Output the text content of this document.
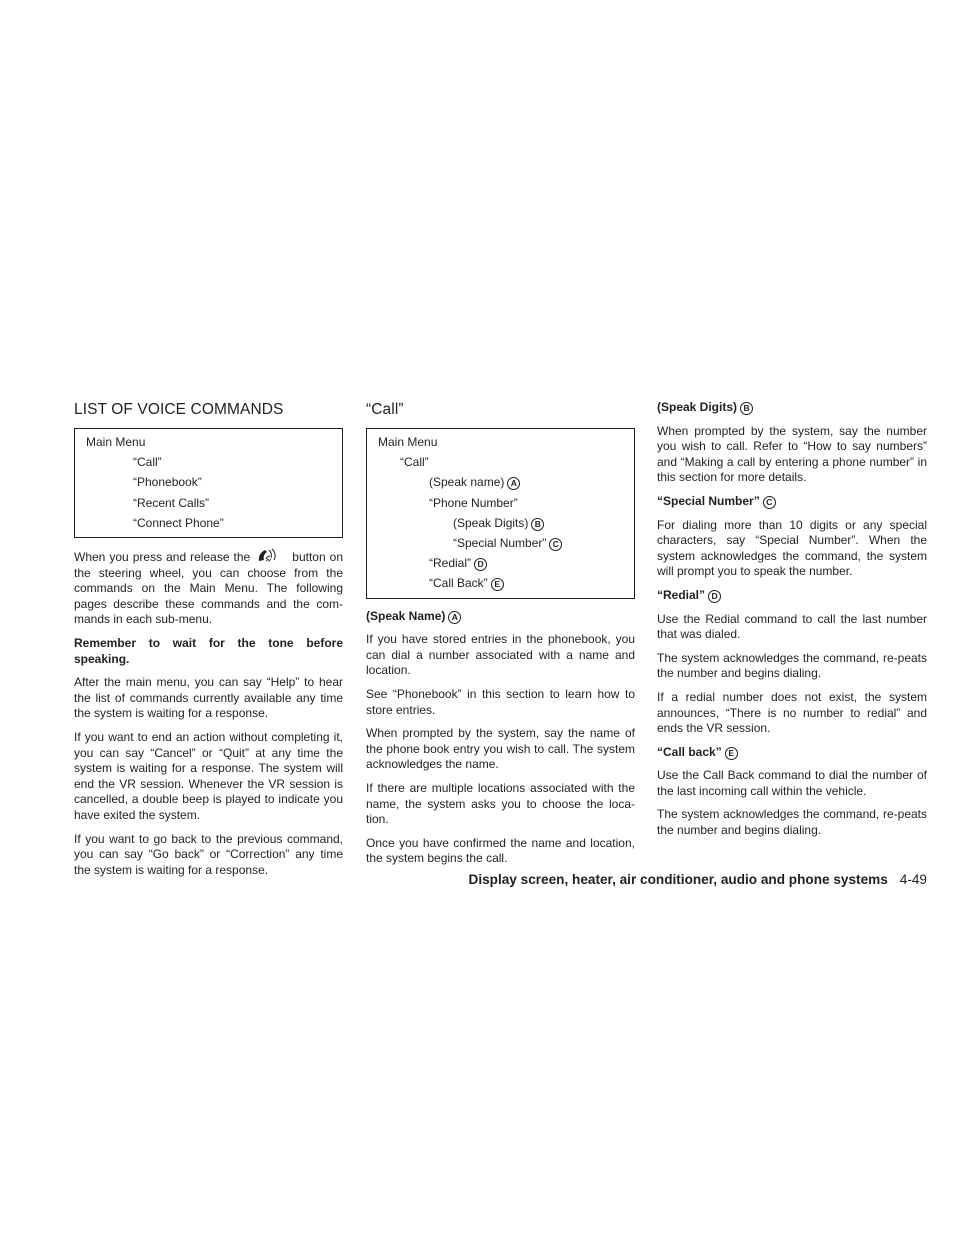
LIST OF VOICE COMMANDS
Main Menu
“Call”
“Phonebook”
“Recent Calls”
“Connect Phone”

When you press and release the	button on the steering wheel, you can choose from the commands on the Main Menu. The following pages describe these commands and the com-mands in each sub-menu.

Remember to wait for the tone before speaking.

After the main menu, you can say “Help” to hear the list of commands currently available any time the system is waiting for a response.

If you want to end an action without completing it, you can say “Cancel” or “Quit” at any time the system is waiting for a response. The system will end the VR session. Whenever the VR session is cancelled, a double beep is played to indicate you have exited the system.

If you want to go back to the previous command, you can say “Go back” or “Correction” any time the system is waiting for a response.

“Call”
Main Menu
“Call”
(Speak name) A
“Phone Number”
(Speak Digits) B
“Special Number” C
“Redial” D
“Call Back” E
(Speak Name) A

If you have stored entries in the phonebook, you can dial a number associated with a name and location.

See “Phonebook” in this section to learn how to store entries.

When prompted by the system, say the name of the phone book entry you wish to call. The system acknowledges the name.

If there are multiple locations associated with the name, the system asks you to choose the loca-tion.

Once you have confirmed the name and location, the system begins the call.

(Speak Digits) B

When prompted by the system, say the number you wish to call. Refer to “How to say numbers” and “Making a call by entering a phone number” in this section for more details.

“Special Number” C

For dialing more than 10 digits or any special characters, say “Special Number”. When the system acknowledges the command, the system will prompt you to speak the number.

“Redial” D

Use the Redial command to call the last number that was dialed.

The system acknowledges the command, re-peats the number and begins dialing.

If a redial number does not exist, the system announces, “There is no number to redial” and ends the VR session.

“Call back” E

Use the Call Back command to dial the number of the last incoming call within the vehicle.

The system acknowledges the command, re-peats the number and begins dialing.

Display screen, heater, air conditioner, audio and phone systems 4-49
